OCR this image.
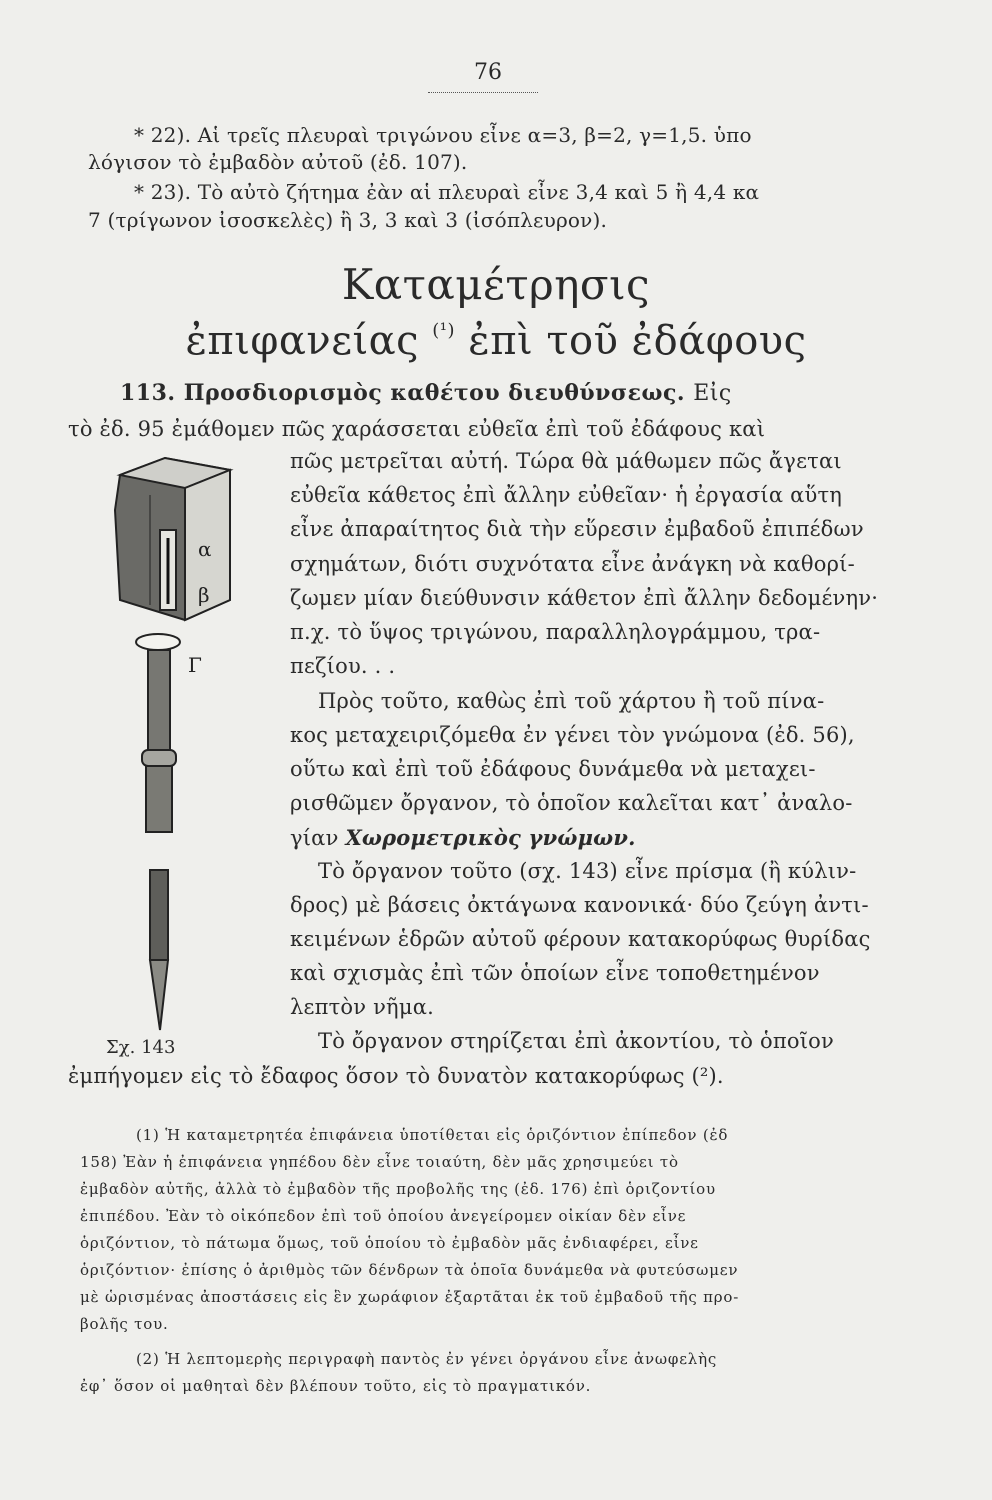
76
* 22). Αἱ τρεῖς πλευραὶ τριγώνου εἶνε α=3, β=2, γ=1,5. ὑπο
λόγισον τὸ ἐμβαδὸν αὐτοῦ (ἐδ. 107).
* 23). Τὸ αὐτὸ ζήτημα ἐὰν αἱ πλευραὶ εἶνε 3,4 καὶ 5 ἢ 4,4 κα
7 (τρίγωνον ἰσοσκελὲς) ἢ 3, 3 καὶ 3 (ἰσόπλευρον).
Καταμέτρησις
ἐπιφανείας $^{(^1)}$ ἐπὶ τοῦ ἐδάφους
113. Προσδιορισμὸς καθέτου διευθύνσεως. Εἰς
τὸ ἐδ. 95 ἐμάθομεν πῶς χαράσσεται εὐθεῖα ἐπὶ τοῦ ἐδάφους καὶ
πῶς μετρεῖται αὐτή. Τώρα θὰ μάθωμεν πῶς ἄγεται
εὐθεῖα κάθετος ἐπὶ ἄλλην εὐθεῖαν· ἡ ἐργασία αὕτη
εἶνε ἀπαραίτητος διὰ τὴν εὕρεσιν ἐμβαδοῦ ἐπιπέδων
σχημάτων, διότι συχνότατα εἶνε ἀνάγκη νὰ καθορί-
ζωμεν μίαν διεύθυνσιν κάθετον ἐπὶ ἄλλην δεδομένην·
π.χ. τὸ ὕψος τριγώνου, παραλληλογράμμου, τρα-
πεζίου. . .
Πρὸς τοῦτο, καθὼς ἐπὶ τοῦ χάρτου ἢ τοῦ πίνα-
κος μεταχειριζόμεθα ἐν γένει τὸν γνώμονα (ἐδ. 56),
οὕτω καὶ ἐπὶ τοῦ ἐδάφους δυνάμεθα νὰ μεταχει-
ρισθῶμεν ὄργανον, τὸ ὁποῖον καλεῖται κατ᾽ ἀναλο-
γίαν Χωρομετρικὸς γνώμων.
Τὸ ὄργανον τοῦτο (σχ. 143) εἶνε πρίσμα (ἢ κύλιν-
δρος) μὲ βάσεις ὀκτάγωνα κανονικά· δύο ζεύγη ἀντι-
κειμένων ἑδρῶν αὐτοῦ φέρουν κατακορύφως θυρίδας
καὶ σχισμὰς ἐπὶ τῶν ὁποίων εἶνε τοποθετημένον
λεπτὸν νῆμα.
Τὸ ὄργανον στηρίζεται ἐπὶ ἀκοντίου, τὸ ὁποῖον
ἐμπήγομεν εἰς τὸ ἔδαφος ὅσον τὸ δυνατὸν κατακορύφως (²).
α
β
Γ
Σχ. 143
(1) Ἡ καταμετρητέα ἐπιφάνεια ὑποτίθεται εἰς ὁριζόντιον ἐπίπεδον (ἐδ
158) Ἐὰν ἡ ἐπιφάνεια γηπέδου δὲν εἶνε τοιαύτη, δὲν μᾶς χρησιμεύει τὸ
ἐμβαδὸν αὐτῆς, ἀλλὰ τὸ ἐμβαδὸν τῆς προβολῆς της (ἐδ. 176) ἐπὶ ὁριζοντίου
ἐπιπέδου. Ἐὰν τὸ οἰκόπεδον ἐπὶ τοῦ ὁποίου ἀνεγείρομεν οἰκίαν δὲν εἶνε
ὁριζόντιον, τὸ πάτωμα ὅμως, τοῦ ὁποίου τὸ ἐμβαδὸν μᾶς ἐνδιαφέρει, εἶνε
ὁριζόντιον· ἐπίσης ὁ ἀριθμὸς τῶν δένδρων τὰ ὁποῖα δυνάμεθα νὰ φυτεύσωμεν
μὲ ὡρισμένας ἀποστάσεις εἰς ἓν χωράφιον ἐξαρτᾶται ἐκ τοῦ ἐμβαδοῦ τῆς προ-
βολῆς του.
(2) Ἡ λεπτομερὴς περιγραφὴ παντὸς ἐν γένει ὀργάνου εἶνε ἀνωφελὴς
ἐφ᾽ ὅσον οἱ μαθηταὶ δὲν βλέπουν τοῦτο, εἰς τὸ πραγματικόν.
